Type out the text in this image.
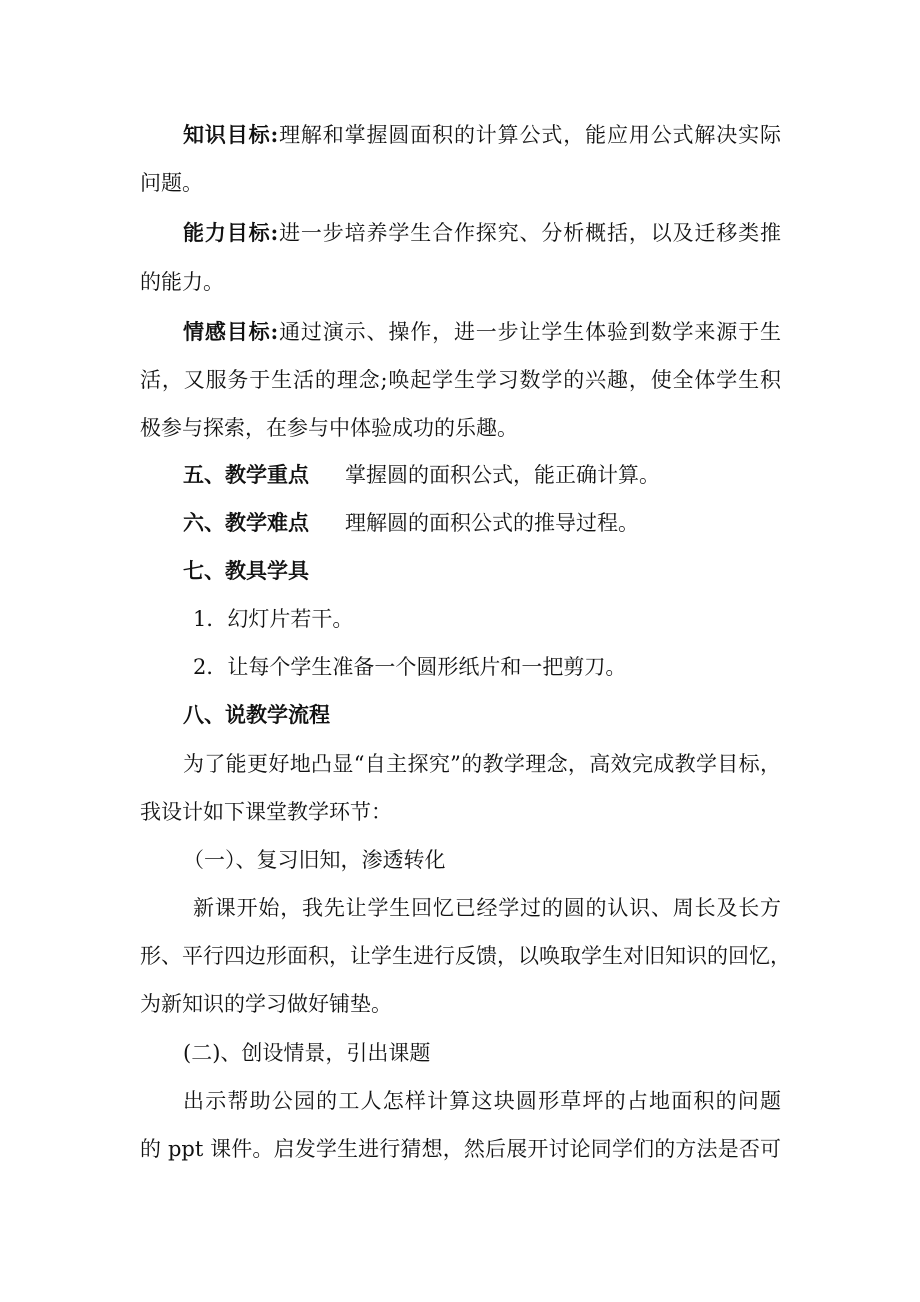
知识目标:理解和掌握圆面积的计算公式，能应用公式解决实际
问题。
能力目标:进一步培养学生合作探究、分析概括，以及迁移类推
的能力。
情感目标:通过演示、操作，进一步让学生体验到数学来源于生
活，又服务于生活的理念;唤起学生学习数学的兴趣，使全体学生积
极参与探索，在参与中体验成功的乐趣。
五、教学重点 掌握圆的面积公式，能正确计算。
六、教学难点 理解圆的面积公式的推导过程。
七、教具学具
1．幻灯片若干。
2．让每个学生准备一个圆形纸片和一把剪刀。
八、说教学流程
为了能更好地凸显“自主探究”的教学理念，高效完成教学目标，
我设计如下课堂教学环节：
（一）、复习旧知，渗透转化
新课开始，我先让学生回忆已经学过的圆的认识、周长及长方
形、平行四边形面积，让学生进行反馈，以唤取学生对旧知识的回忆，
为新知识的学习做好铺垫。
(二)、创设情景，引出课题
出示帮助公园的工人怎样计算这块圆形草坪的占地面积的问题
的 ppt 课件。启发学生进行猜想，然后展开讨论同学们的方法是否可
